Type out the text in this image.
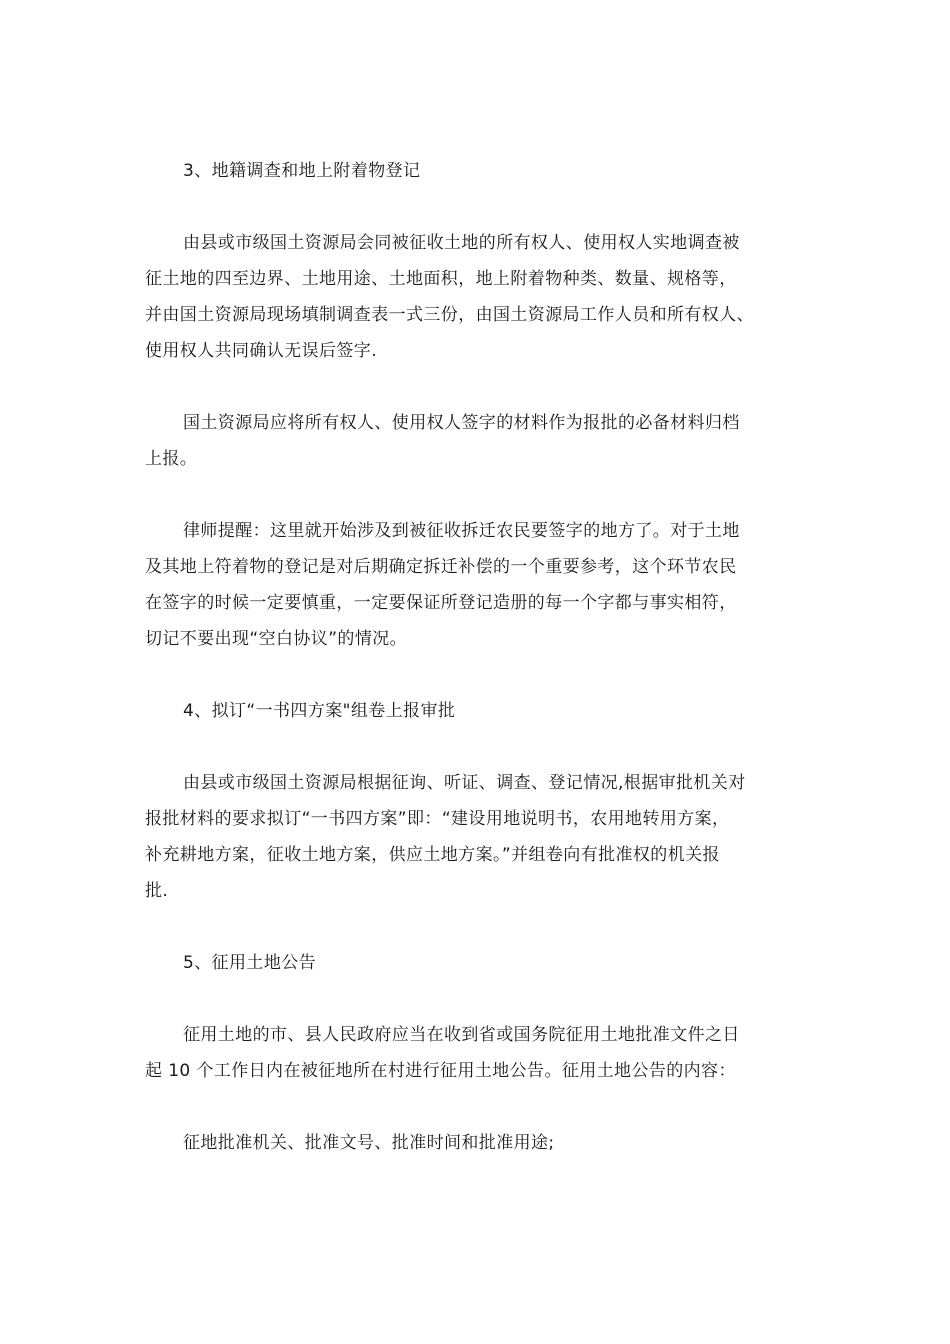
3、地籍调查和地上附着物登记
由县或市级国土资源局会同被征收土地的所有权人、使用权人实地调查被
征土地的四至边界、土地用途、土地面积，地上附着物种类、数量、规格等，
并由国土资源局现场填制调查表一式三份，由国土资源局工作人员和所有权人、
使用权人共同确认无误后签字.
国土资源局应将所有权人、使用权人签字的材料作为报批的必备材料归档
上报。
律师提醒：这里就开始涉及到被征收拆迁农民要签字的地方了。对于土地
及其地上符着物的登记是对后期确定拆迁补偿的一个重要参考，这个环节农民
在签字的时候一定要慎重，一定要保证所登记造册的每一个字都与事实相符，
切记不要出现“空白协议”的情况。
4、拟订“一书四方案"组卷上报审批
由县或市级国土资源局根据征询、听证、调查、登记情况,根据审批机关对
报批材料的要求拟订“一书四方案”即：“建设用地说明书，农用地转用方案，
补充耕地方案，征收土地方案，供应土地方案。”并组卷向有批准权的机关报
批.
5、征用土地公告
征用土地的市、县人民政府应当在收到省或国务院征用土地批准文件之日
起 10 个工作日内在被征地所在村进行征用土地公告。征用土地公告的内容：
征地批准机关、批准文号、批准时间和批准用途;
